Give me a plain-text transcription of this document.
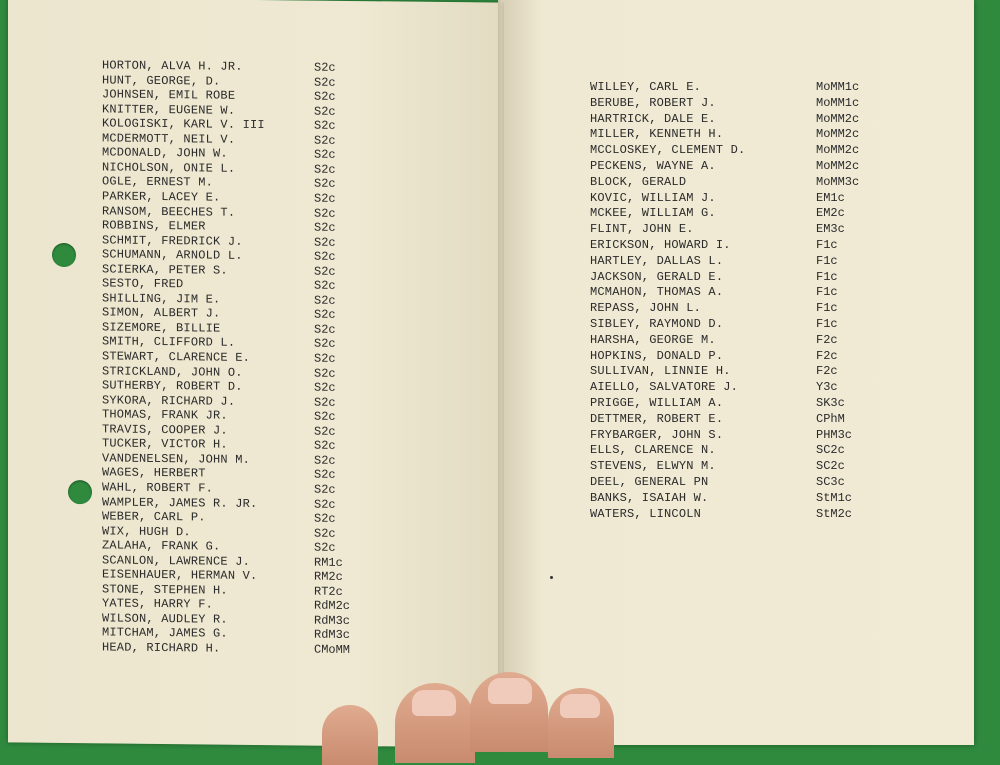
HORTON, ALVA H. JR.	S2c
HUNT, GEORGE, D.	S2c
JOHNSEN, EMIL ROBE	S2c
KNITTER, EUGENE W.	S2c
KOLOGISKI, KARL V. III	S2c
MCDERMOTT, NEIL V.	S2c
MCDONALD, JOHN W.	S2c
NICHOLSON, ONIE L.	S2c
OGLE, ERNEST M.	S2c
PARKER, LACEY E.	S2c
RANSOM, BEECHES T.	S2c
ROBBINS, ELMER	S2c
SCHMIT, FREDRICK J.	S2c
SCHUMANN, ARNOLD L.	S2c
SCIERKA, PETER S.	S2c
SESTO, FRED	S2c
SHILLING, JIM E.	S2c
SIMON, ALBERT J.	S2c
SIZEMORE, BILLIE	S2c
SMITH, CLIFFORD L.	S2c
STEWART, CLARENCE E.	S2c
STRICKLAND, JOHN O.	S2c
SUTHERBY, ROBERT D.	S2c
SYKORA, RICHARD J.	S2c
THOMAS, FRANK JR.	S2c
TRAVIS, COOPER J.	S2c
TUCKER, VICTOR H.	S2c
VANDENELSEN, JOHN M.	S2c
WAGES, HERBERT	S2c
WAHL, ROBERT F.	S2c
WAMPLER, JAMES R. JR.	S2c
WEBER, CARL P.	S2c
WIX, HUGH D.	S2c
ZALAHA, FRANK G.	S2c
SCANLON, LAWRENCE J.	RM1c
EISENHAUER, HERMAN V.	RM2c
STONE, STEPHEN H.	RT2c
YATES, HARRY F.	RdM2c
WILSON, AUDLEY R.	RdM3c
MITCHAM, JAMES G.	RdM3c
HEAD, RICHARD H.	CMoMM
WILLEY, CARL E.	MoMM1c
BERUBE, ROBERT J.	MoMM1c
HARTRICK, DALE E.	MoMM2c
MILLER, KENNETH H.	MoMM2c
MCCLOSKEY, CLEMENT D.	MoMM2c
PECKENS, WAYNE A.	MoMM2c
BLOCK, GERALD	MoMM3c
KOVIC, WILLIAM J.	EM1c
MCKEE, WILLIAM G.	EM2c
FLINT, JOHN E.	EM3c
ERICKSON, HOWARD I.	F1c
HARTLEY, DALLAS L.	F1c
JACKSON, GERALD E.	F1c
MCMAHON, THOMAS A.	F1c
REPASS, JOHN L.	F1c
SIBLEY, RAYMOND D.	F1c
HARSHA, GEORGE M.	F2c
HOPKINS, DONALD P.	F2c
SULLIVAN, LINNIE H.	F2c
AIELLO, SALVATORE J.	Y3c
PRIGGE, WILLIAM A.	SK3c
DETTMER, ROBERT E.	CPhM
FRYBARGER, JOHN S.	PHM3c
ELLS, CLARENCE N.	SC2c
STEVENS, ELWYN M.	SC2c
DEEL, GENERAL PN	SC3c
BANKS, ISAIAH W.	StM1c
WATERS, LINCOLN	StM2c
